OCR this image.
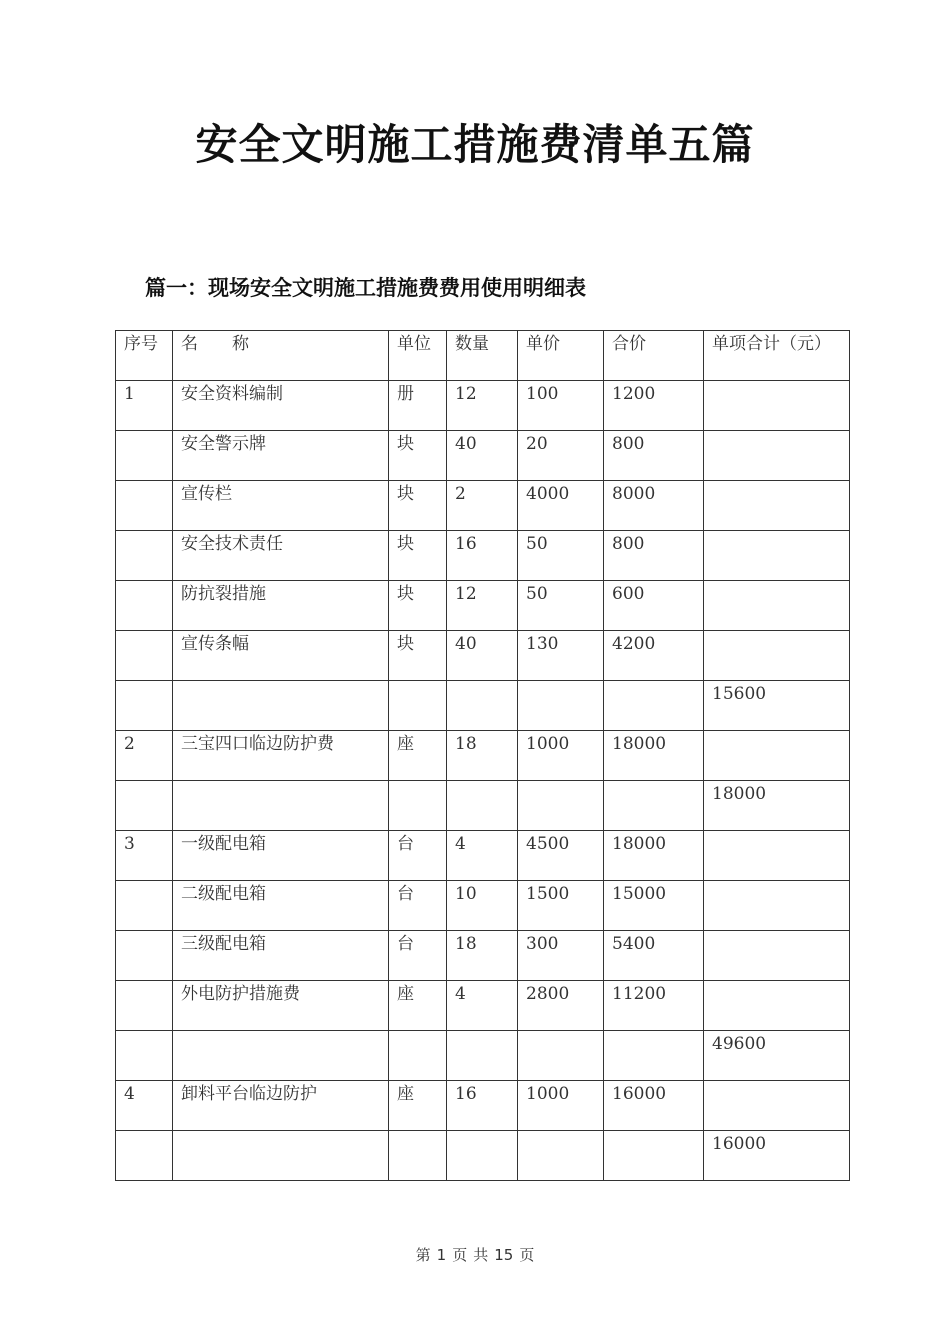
安全文明施工措施费清单五篇
篇一：现场安全文明施工措施费费用使用明细表
序号	名　　称	单位	数量	单价	合价	单项合计（元）

1	安全资料编制	册	12	100	1200	

	安全警示牌	块	40	20	800	

	宣传栏	块	2	4000	8000	

	安全技术责任	块	16	50	800	

	防抗裂措施	块	12	50	600	

	宣传条幅	块	40	130	4200	

						15600

2	三宝四口临边防护费	座	18	1000	18000	

						18000

3	一级配电箱	台	4	4500	18000	

	二级配电箱	台	10	1500	15000	

	三级配电箱	台	18	300	5400	

	外电防护措施费	座	4	2800	11200	

						49600

4	卸料平台临边防护	座	16	1000	16000	

						16000
第 1 页 共 15 页
